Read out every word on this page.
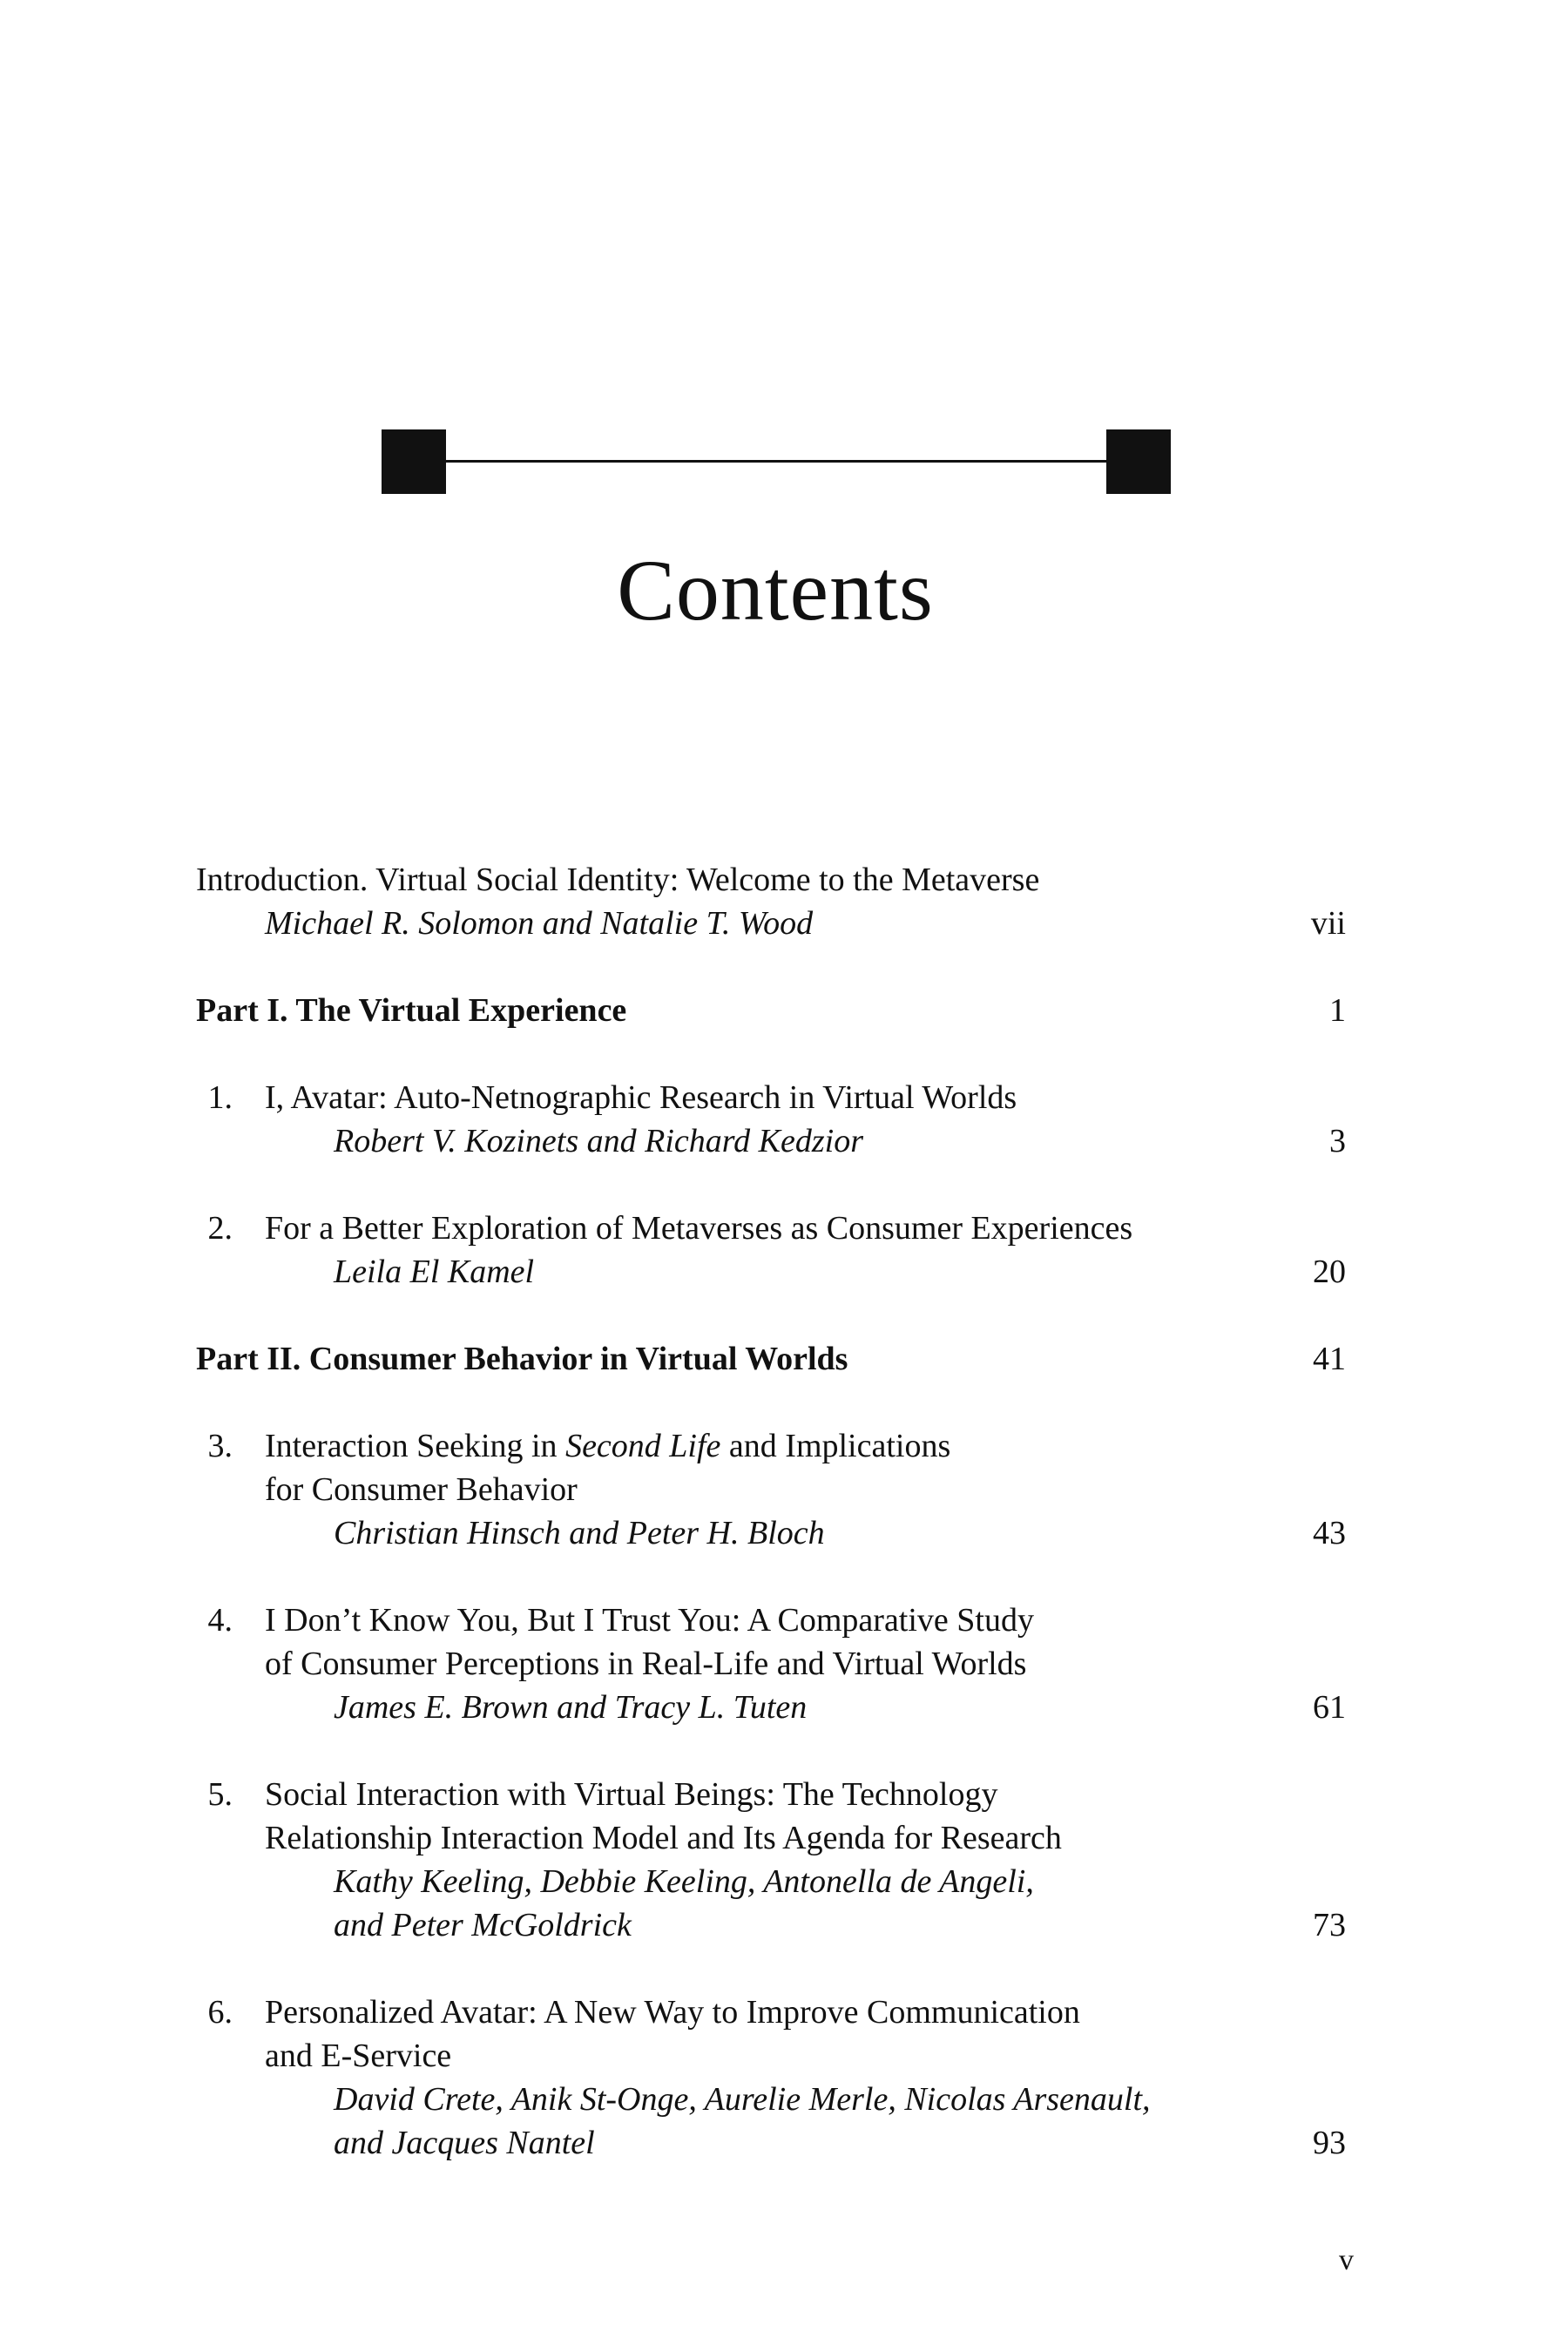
Contents
Introduction. Virtual Social Identity: Welcome to the Metaverse
Michael R. Solomon and Natalie T. Wood	vii
Part I. The Virtual Experience	1
1. I, Avatar: Auto-Netnographic Research in Virtual Worlds
Robert V. Kozinets and Richard Kedzior	3
2. For a Better Exploration of Metaverses as Consumer Experiences
Leila El Kamel	20
Part II. Consumer Behavior in Virtual Worlds	41
3. Interaction Seeking in Second Life and Implications
for Consumer Behavior
Christian Hinsch and Peter H. Bloch	43
4. I Don’t Know You, But I Trust You: A Comparative Study
of Consumer Perceptions in Real-Life and Virtual Worlds
James E. Brown and Tracy L. Tuten	61
5. Social Interaction with Virtual Beings: The Technology
Relationship Interaction Model and Its Agenda for Research
Kathy Keeling, Debbie Keeling, Antonella de Angeli,
and Peter McGoldrick	73
6. Personalized Avatar: A New Way to Improve Communication
and E-Service
David Crete, Anik St-Onge, Aurelie Merle, Nicolas Arsenault,
and Jacques Nantel	93
v
